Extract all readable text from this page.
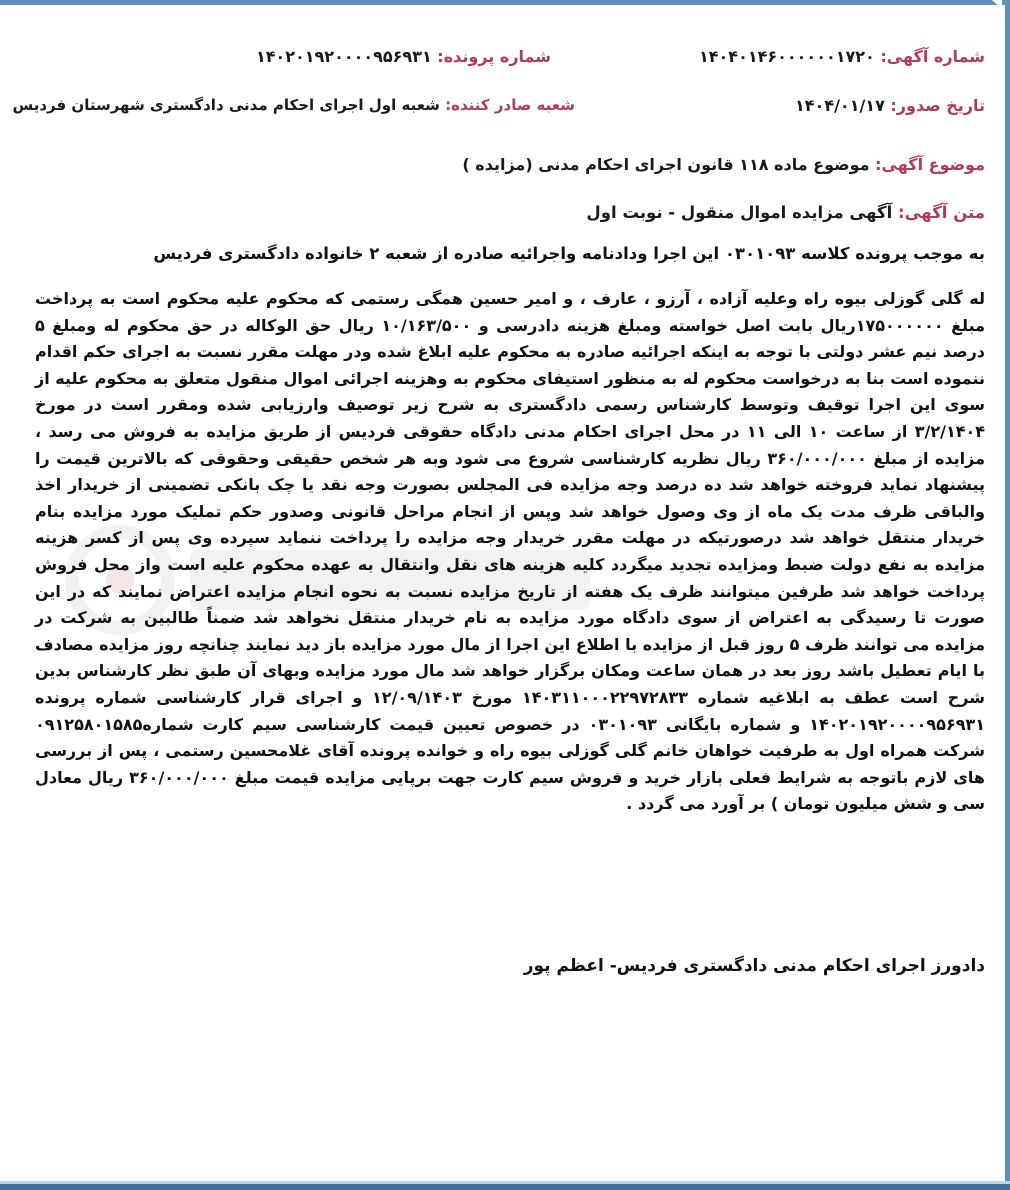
شماره آگهی: ۱۴۰۴۰۱۴۶۰۰۰۰۰۰۱۷۲۰
شماره پرونده: ۱۴۰۲۰۱۹۲۰۰۰۰۹۵۶۹۳۱
تاریخ صدور: ۱۴۰۴/۰۱/۱۷
شعبه صادر کننده: شعبه اول اجرای احکام مدنی دادگستری شهرستان فردیس
موضوع آگهی: موضوع ماده ۱۱۸ قانون اجرای احکام مدنی (مزایده )
متن آگهی: آگهی مزایده اموال منقول - نوبت اول
به موجب پرونده کلاسه ۰۳۰۱۰۹۳ این اجرا ودادنامه واجرائیه صادره از شعبه ۲ خانواده دادگستری فردیس

له گلی گوزلی بیوه راه وعلیه آزاده ، آرزو ، عارف ، و امیر حسین همگی رستمی که محکوم علیه محکوم است به پرداخت مبلغ ۱۷۵۰۰۰۰۰۰ریال بابت اصل خواسته ومبلغ هزینه دادرسی و ۱۰/۱۶۳/۵۰۰ ریال حق الوکاله در حق محکوم له ومبلغ ۵ درصد نیم عشر دولتی با توجه به اینکه اجرائیه صادره به محکوم علیه ابلاغ شده ودر مهلت مقرر نسبت به اجرای حکم اقدام ننموده است بنا به درخواست محکوم له به منظور استیفای محکوم به وهزینه اجرائی اموال منقول متعلق به محکوم علیه از سوی این اجرا توقیف وتوسط کارشناس رسمی دادگستری به شرح زیر توصیف وارزیابی شده ومقرر است در مورخ ۳/۲/۱۴۰۴ از ساعت ۱۰ الی ۱۱ در محل اجرای احکام مدنی دادگاه حقوقی فردیس از طریق مزایده به فروش می رسد ، مزایده از مبلغ ۳۶۰/۰۰۰/۰۰۰ ریال نظریه کارشناسی شروع می شود وبه هر شخص حقیقی وحقوقی که بالاترین قیمت را پیشنهاد نماید فروخته خواهد شد ده درصد وجه مزایده فی المجلس بصورت وجه نقد یا چک بانکی تضمینی از خریدار اخذ والباقی ظرف مدت یک ماه از وی وصول خواهد شد وپس از انجام مراحل قانونی وصدور حکم تملیک مورد مزایده بنام خریدار منتقل خواهد شد درصورتیکه در مهلت مقرر خریدار وجه مزایده را پرداخت ننماید سپرده وی پس از کسر هزینه مزایده به نفع دولت ضبط ومزایده تجدید میگردد کلیه هزینه های نقل وانتقال به عهده محکوم علیه است واز محل فروش پرداخت خواهد شد طرفین میتوانند ظرف یک هفته از تاریخ مزایده نسبت به نحوه انجام مزایده اعتراض نمایند که در این صورت تا رسیدگی به اعتراض از سوی دادگاه مورد مزایده به نام خریدار منتقل نخواهد شد ضمناً طالبین به شرکت در مزایده می توانند ظرف ۵ روز قبل از مزایده با اطلاع این اجرا از مال مورد مزایده باز دید نمایند چنانچه روز مزایده مصادف با ایام تعطیل باشد روز بعد در همان ساعت ومکان برگزار خواهد شد مال مورد مزایده وبهای آن طبق نظر کارشناس بدین شرح است عطف به ابلاغیه شماره ۱۴۰۳۱۱۰۰۰۲۲۹۷۲۸۳۳ مورخ ۱۲/۰۹/۱۴۰۳ و اجرای قرار کارشناسی شماره پرونده ۱۴۰۲۰۱۹۲۰۰۰۰۹۵۶۹۳۱ و شماره بایگانی ۰۳۰۱۰۹۳ در خصوص تعیین قیمت کارشناسی سیم کارت شماره۰۹۱۲۵۸۰۱۵۸۵ شرکت همراه اول به طرفیت خواهان خانم گلی گوزلی بیوه راه و خوانده پرونده آقای غلامحسین رستمی ، پس از بررسی های لازم باتوجه به شرایط فعلی بازار خرید و فروش سیم کارت جهت برپایی مزایده قیمت مبلغ ۳۶۰/۰۰۰/۰۰۰ ریال معادل سی و شش میلیون تومان ) بر آورد می گردد .

دادورز اجرای احکام مدنی دادگستری فردیس- اعظم پور
